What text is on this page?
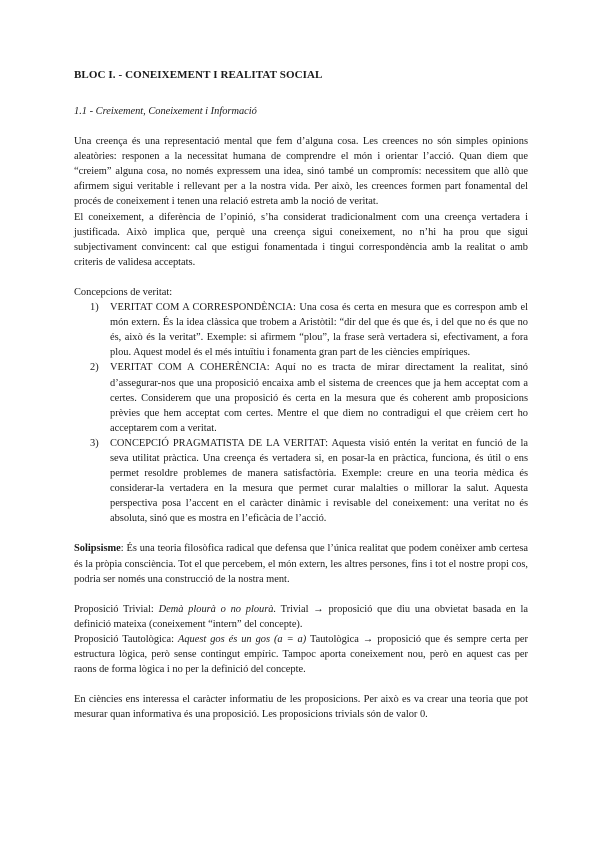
BLOC I. - CONEIXEMENT I REALITAT SOCIAL
1.1 - Creixement, Coneixement i Informació

Una creença és una representació mental que fem d’alguna cosa. Les creences no són simples opinions aleatòries: responen a la necessitat humana de comprendre el món i orientar l’acció. Quan diem que “creiem” alguna cosa, no només expressem una idea, sinó també un compromís: necessitem que allò que afirmem sigui veritable i rellevant per a la nostra vida. Per això, les creences formen part fonamental del procés de coneixement i tenen una relació estreta amb la noció de veritat.

El coneixement, a diferència de l’opinió, s’ha considerat tradicionalment com una creença vertadera i justificada. Això implica que, perquè una creença sigui coneixement, no n’hi ha prou que sigui subjectivament convincent: cal que estigui fonamentada i tingui correspondència amb la realitat o amb criteris de validesa acceptats.

Concepcions de veritat:

1)	VERITAT COM A CORRESPONDÈNCIA: Una cosa és certa en mesura que es correspon amb el món extern. És la idea clàssica que trobem a Aristòtil: “dir del que és que és, i del que no és que no és, això és la veritat”. Exemple: si afirmem “plou”, la frase serà vertadera si, efectivament, a fora plou. Aquest model és el més intuïtiu i fonamenta gran part de les ciències empíriques.
2)	VERITAT COM A COHERÈNCIA: Aquí no es tracta de mirar directament la realitat, sinó d’assegurar-nos que una proposició encaixa amb el sistema de creences que ja hem acceptat com a certes. Considerem que una proposició és certa en la mesura que és coherent amb proposicions prèvies que hem acceptat com certes. Mentre el que diem no contradigui el que crèiem cert ho acceptarem com a veritat.
3)	CONCEPCIÓ PRAGMATISTA DE LA VERITAT: Aquesta visió entén la veritat en funció de la seva utilitat pràctica. Una creença és vertadera si, en posar-la en pràctica, funciona, és útil o ens permet resoldre problemes de manera satisfactòria. Exemple: creure en una teoria mèdica és considerar-la vertadera en la mesura que permet curar malalties o millorar la salut. Aquesta perspectiva posa l’accent en el caràcter dinàmic i revisable del coneixement: una veritat no és absoluta, sinó que es mostra en l’eficàcia de l’acció.

Solipsisme: És una teoria filosòfica radical que defensa que l’única realitat que podem conèixer amb certesa és la pròpia consciència. Tot el que percebem, el món extern, les altres persones, fins i tot el nostre propi cos, podria ser només una construcció de la nostra ment.

Proposició Trivial: Demà plourà o no plourà. Trivial → proposició que diu una obvietat basada en la definició mateixa (coneixement “intern” del concepte).

Proposició Tautològica: Aquest gos és un gos (a = a) Tautològica → proposició que és sempre certa per estructura lògica, però sense contingut empíric. Tampoc aporta coneixement nou, però en aquest cas per raons de forma lògica i no per la definició del concepte.

En ciències ens interessa el caràcter informatiu de les proposicions. Per això es va crear una teoria que pot mesurar quan informativa és una proposició. Les proposicions trivials són de valor 0.
